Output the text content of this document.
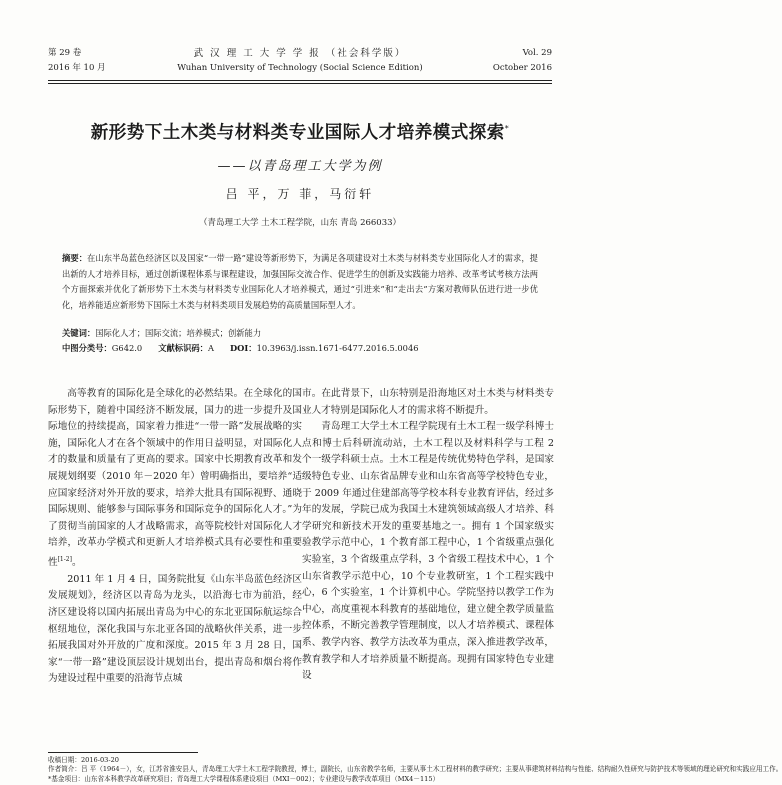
第 29 卷
2016 年 10 月
武 汉 理 工 大 学 学 报 （社会科学版）
Wuhan University of Technology (Social Science Edition)
Vol. 29
October 2016
新形势下土木类与材料类专业国际人才培养模式探索*
——以青岛理工大学为例
吕 平，万 菲，马衍轩
（青岛理工大学 土木工程学院，山东 青岛 266033）
摘要：在山东半岛蓝色经济区以及国家“一带一路”建设等新形势下，为满足各项建设对土木类与材料类专业国际化人才的需求，提出新的人才培养目标，通过创新课程体系与课程建设，加强国际交流合作、促进学生的创新及实践能力培养、改革考试考核方法两个方面探索并优化了新形势下土木类与材料类专业国际化人才培养模式，通过“引进来”和“走出去”方案对教师队伍进行进一步优化，培养能适应新形势下国际土木类与材料类项目发展趋势的高质量国际型人才。
关键词：国际化人才；国际交流；培养模式；创新能力
中图分类号：G642.0 文献标识码：A DOI：10.3963/j.issn.1671-6477.2016.5.0046

高等教育的国际化是全球化的必然结果。在全球化的国际形势下，随着中国经济不断发展，国力的进一步提升及国际地位的持续提高，国家着力推进“一带一路”发展战略的实施，国际化人才在各个领域中的作用日益明显，对国际化人才的数量和质量有了更高的要求。国家中长期教育改革和发展规划纲要（2010 年－2020 年）曾明确指出，要培养“适应国家经济对外开放的要求，培养大批具有国际视野、通晓国际规则、能够参与国际事务和国际竞争的国际化人才。”为了贯彻当前国家的人才战略需求，高等院校针对国际化人才培养，改革办学模式和更新人才培养模式具有必要性和重要性[1-2]。

2011 年 1 月 4 日，国务院批复《山东半岛蓝色经济区发展规划》，经济区以青岛为龙头，以沿海七市为前沿，经济区建设将以国内拓展出青岛为中心的东北亚国际航运综合枢纽地位，深化我国与东北亚各国的战略伙伴关系，进一步拓展我国对外开放的广度和深度。2015 年 3 月 28 日，国家“一带一路”建设顶层设计规划出台，提出青岛和烟台将作为建设过程中重要的沿海节点城

市。在此背景下，山东特别是沿海地区对土木类与材料类专业人才特别是国际化人才的需求将不断提升。

青岛理工大学土木工程学院现有土木工程一级学科博士点和博士后科研流动站，土木工程以及材料科学与工程 2 个一级学科硕士点。土木工程是传统优势特色学科，是国家级特色专业、山东省品牌专业和山东省高等学校特色专业，于 2009 年通过住建部高等学校本科专业教育评估，经过多年的发展，学院已成为我国土木建筑领域高级人才培养、科学研究和新技术开发的重要基地之一。拥有 1 个国家级实验教学示范中心，1 个教育部工程中心，1 个省级重点强化实验室，3 个省级重点学科，3 个省级工程技术中心，1 个山东省教学示范中心，10 个专业教研室，1 个工程实践中心，6 个实验室，1 个计算机中心。学院坚持以教学工作为中心，高度重视本科教育的基础地位，建立健全教学质量监控体系，不断完善教学管理制度，以人才培养模式、课程体系、教学内容、教学方法改革为重点，深入推进教学改革，教育教学和人才培养质量不断提高。现拥有国家特色专业建设

收稿日期：2016-03-20
作者简介：吕 平（1964－），女，江苏省淮安县人，青岛理工大学土木工程学院教授，博士，副院长，山东省教学名师，主要从事土木工程材料的教学研究；主要从事建筑材料结构与性能、结构耐久性研究与防护技术等领域的理论研究和实践应用工作。
*基金项目：山东省本科教学改革研究项目；青岛理工大学课程体系建设项目（MXI－002）；专业建设与教学改革项目（MX4－115）
